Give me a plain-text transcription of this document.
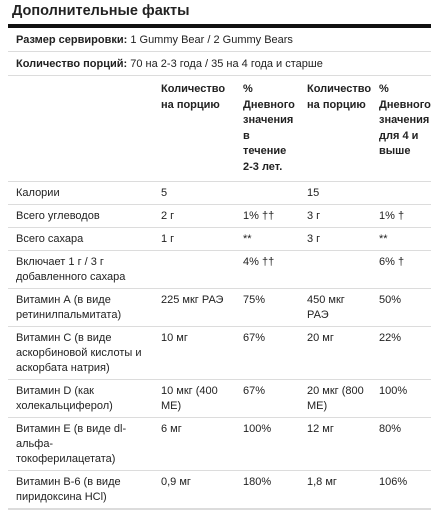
Дополнительные факты
Размер сервировки: 1 Gummy Bear / 2 Gummy Bears
Количество порций: 70 на 2-3 года / 35 на 4 года и старше
	Количество на порцию	% Дневного значения в течение 2-3 лет.	Количество на порцию	% Дневного значения для 4 и выше
Калории	5		15	
Всего углеводов	2 г	1% ††	3 г	1% †
Всего сахара	1 г	**	3 г	**
Включает 1 г / 3 г добавленного сахара		4% ††		6% †
Витамин А (в виде ретинилпальмитата)	225 мкг РАЭ	75%	450 мкг РАЭ	50%
Витамин С (в виде аскорбиновой кислоты и аскорбата натрия)	10 мг	67%	20 мг	22%
Витамин D (как холекальциферол)	10 мкг (400 МЕ)	67%	20 мкг (800 МЕ)	100%
Витамин Е (в виде dl-альфа-токоферилацетата)	6 мг	100%	12 мг	80%
Витамин В-6 (в виде пиридоксина HCl)	0,9 мг	180%	1,8 мг	106%
